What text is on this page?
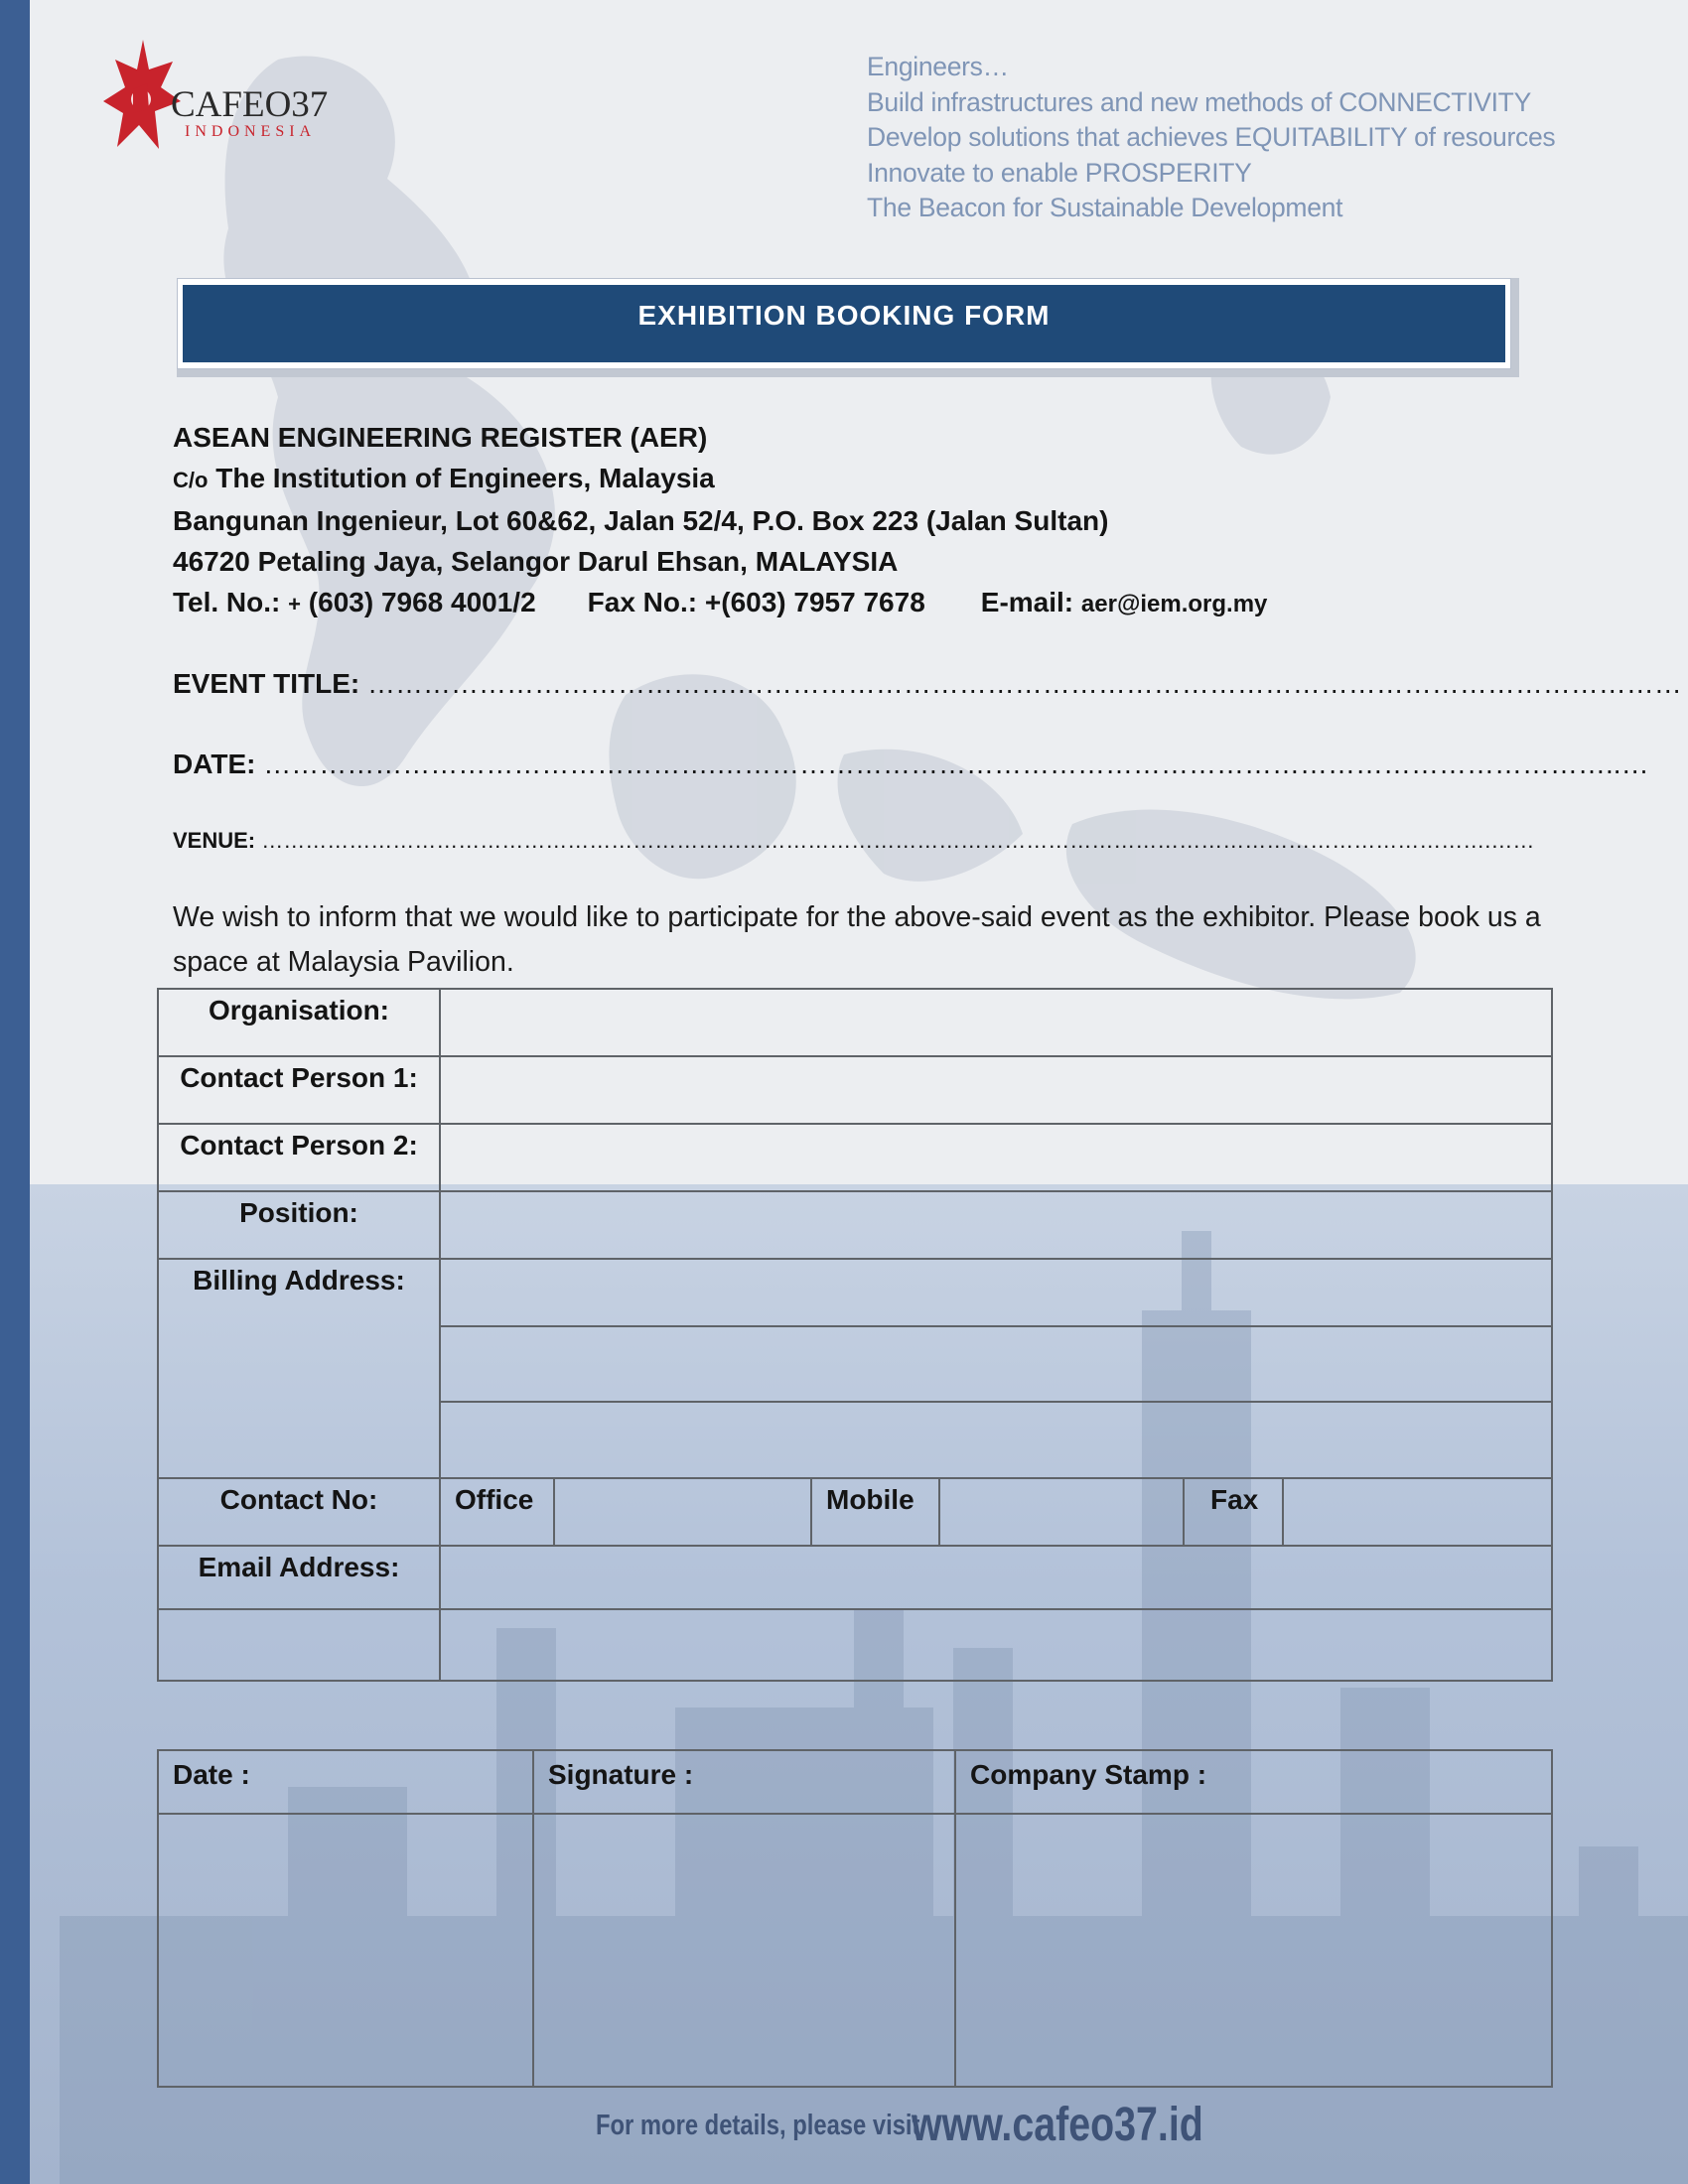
CAFEO37
INDONESIA
Engineers…
Build infrastructures and new methods of CONNECTIVITY
Develop solutions that achieves EQUITABILITY of resources
Innovate to enable PROSPERITY
The Beacon for Sustainable Development
EXHIBITION BOOKING FORM
ASEAN ENGINEERING REGISTER (AER)
C/o The Institution of Engineers, Malaysia
Bangunan Ingenieur, Lot 60&62, Jalan 52/4, P.O. Box 223 (Jalan Sultan)
46720 Petaling Jaya, Selangor Darul Ehsan, MALAYSIA
Tel. No.: + (603) 7968 4001/2 Fax No.: +(603) 7957 7678 E-mail: aer@iem.org.my
EVENT TITLE: ………………………………….…………………………………………………………………………………………
DATE: ………………………………………….……………………………………………………………………………………..…
VENUE: …………………………………………………………………………………………………………………………………………………….……
We wish to inform that we would like to participate for the above-said event as the exhibitor. Please book us a space at Malaysia Pavilion.
Organisation:						
Contact Person 1:						
Contact Person 2:						
Position:						
Billing Address:						

Contact No:	Office		Mobile		Fax	
Email Address:						

Date :	Signature :	Company Stamp :

For more details, please visit
www.cafeo37.id
